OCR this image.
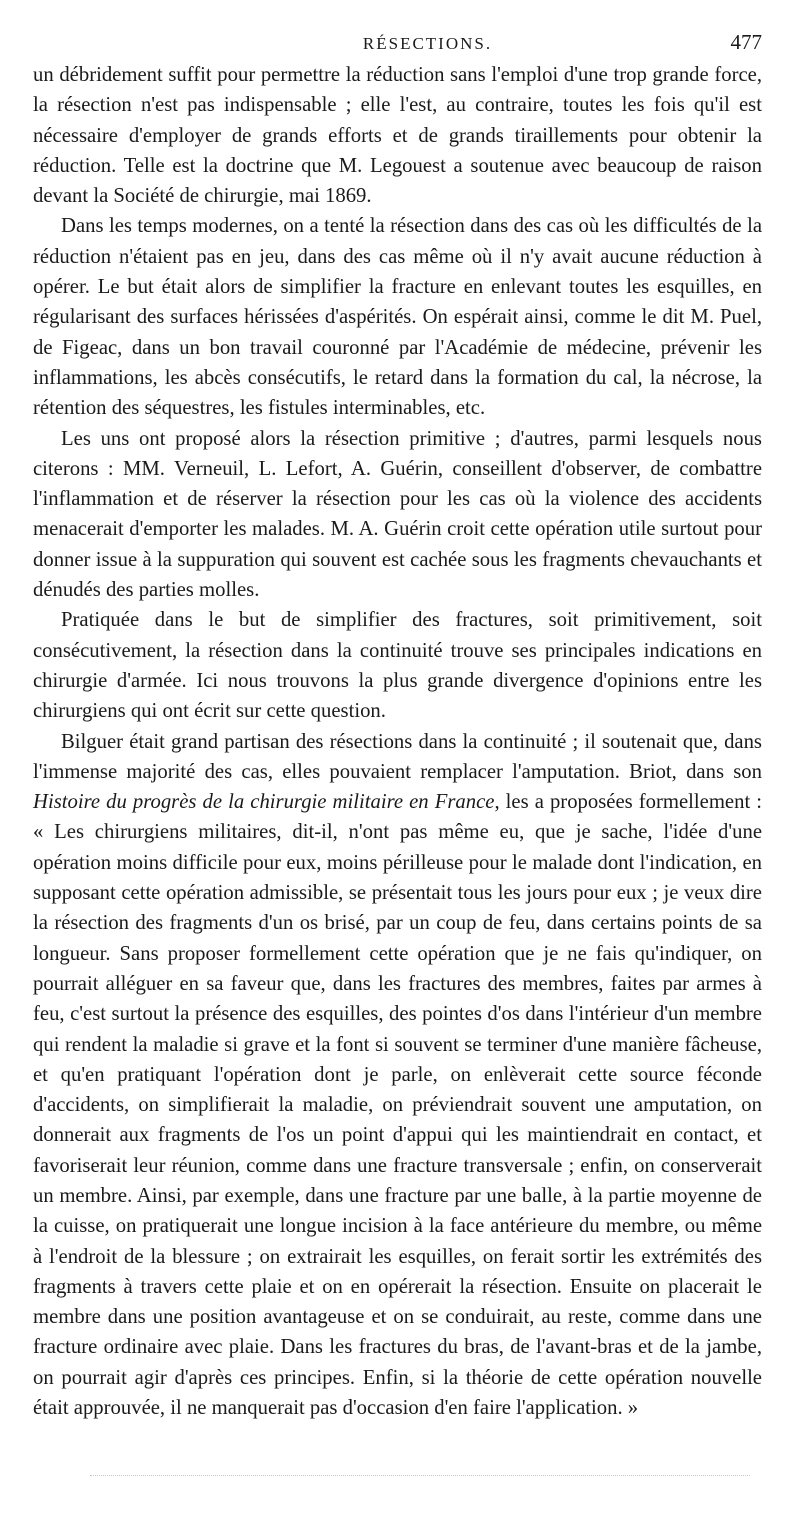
RÉSECTIONS.	477

un débridement suffit pour permettre la réduction sans l'emploi d'une trop grande force, la résection n'est pas indispensable ; elle l'est, au contraire, toutes les fois qu'il est nécessaire d'employer de grands efforts et de grands tiraillements pour obtenir la réduction. Telle est la doctrine que M. Legouest a soutenue avec beaucoup de raison devant la Société de chirurgie, mai 1869.

Dans les temps modernes, on a tenté la résection dans des cas où les difficultés de la réduction n'étaient pas en jeu, dans des cas même où il n'y avait aucune réduction à opérer. Le but était alors de simplifier la fracture en enlevant toutes les esquilles, en régularisant des surfaces hérissées d'aspérités. On espérait ainsi, comme le dit M. Puel, de Figeac, dans un bon travail couronné par l'Académie de médecine, prévenir les inflammations, les abcès consécutifs, le retard dans la formation du cal, la nécrose, la rétention des séquestres, les fistules interminables, etc.

Les uns ont proposé alors la résection primitive ; d'autres, parmi lesquels nous citerons : MM. Verneuil, L. Lefort, A. Guérin, conseillent d'observer, de combattre l'inflammation et de réserver la résection pour les cas où la violence des accidents menacerait d'emporter les malades. M. A. Guérin croit cette opération utile surtout pour donner issue à la suppuration qui souvent est cachée sous les fragments chevauchants et dénudés des parties molles.

Pratiquée dans le but de simplifier des fractures, soit primitivement, soit consécutivement, la résection dans la continuité trouve ses principales indications en chirurgie d'armée. Ici nous trouvons la plus grande divergence d'opinions entre les chirurgiens qui ont écrit sur cette question.

Bilguer était grand partisan des résections dans la continuité ; il soutenait que, dans l'immense majorité des cas, elles pouvaient remplacer l'amputation. Briot, dans son Histoire du progrès de la chirurgie militaire en France, les a proposées formellement : « Les chirurgiens militaires, dit-il, n'ont pas même eu, que je sache, l'idée d'une opération moins difficile pour eux, moins périlleuse pour le malade dont l'indication, en supposant cette opération admissible, se présentait tous les jours pour eux ; je veux dire la résection des fragments d'un os brisé, par un coup de feu, dans certains points de sa longueur. Sans proposer formellement cette opération que je ne fais qu'indiquer, on pourrait alléguer en sa faveur que, dans les fractures des membres, faites par armes à feu, c'est surtout la présence des esquilles, des pointes d'os dans l'intérieur d'un membre qui rendent la maladie si grave et la font si souvent se terminer d'une manière fâcheuse, et qu'en pratiquant l'opération dont je parle, on enlèverait cette source féconde d'accidents, on simplifierait la maladie, on préviendrait souvent une amputation, on donnerait aux fragments de l'os un point d'appui qui les maintiendrait en contact, et favoriserait leur réunion, comme dans une fracture transversale ; enfin, on conserverait un membre. Ainsi, par exemple, dans une fracture par une balle, à la partie moyenne de la cuisse, on pratiquerait une longue incision à la face antérieure du membre, ou même à l'endroit de la blessure ; on extrairait les esquilles, on ferait sortir les extrémités des fragments à travers cette plaie et on en opérerait la résection. Ensuite on placerait le membre dans une position avantageuse et on se conduirait, au reste, comme dans une fracture ordinaire avec plaie. Dans les fractures du bras, de l'avant-bras et de la jambe, on pourrait agir d'après ces principes. Enfin, si la théorie de cette opération nouvelle était approuvée, il ne manquerait pas d'occasion d'en faire l'application. »
